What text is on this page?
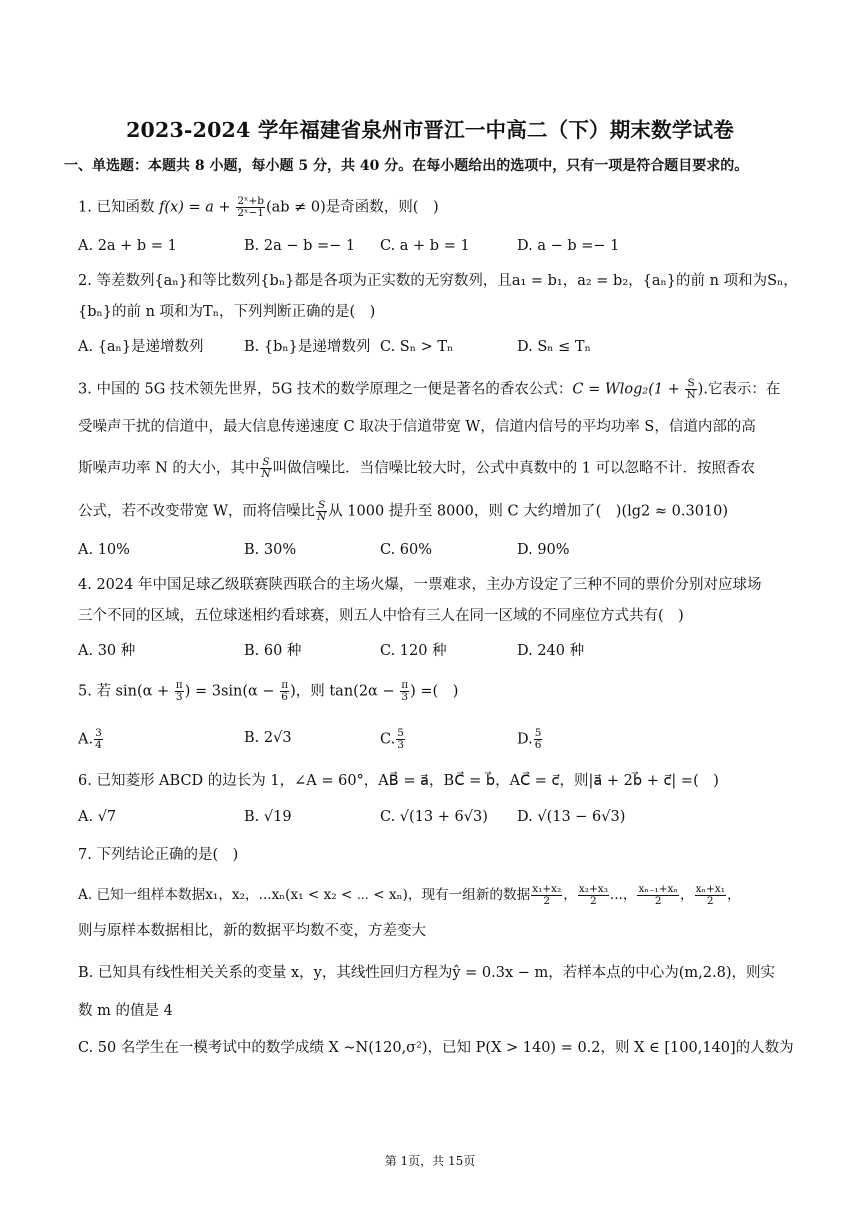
2023-2024 学年福建省泉州市晋江一中高二（下）期末数学试卷
一、单选题：本题共 8 小题，每小题 5 分，共 40 分。在每小题给出的选项中，只有一项是符合题目要求的。
1. 已知函数 $f(x) = a + \frac{\text{2ˣ+b}}{\text{2ˣ−1}} (ab \ne 0)$是奇函数，则(　)
A. 2a + b = 1	B. 2a − b =− 1 C. a + b = 1	D. a − b =− 1
2. 等差数列{aₙ}和等比数列{bₙ}都是各项为正实数的无穷数列，且a₁ = b₁，a₂ = b₂，{aₙ}的前 n 项和为Sₙ，
{bₙ}的前 n 项和为Tₙ，下列判断正确的是(　)
A. {aₙ}是递增数列	B. {bₙ}是递增数列 C. Sₙ > Tₙ	D. Sₙ ≤ Tₙ
3. 中国的 5G 技术领先世界，5G 技术的数学原理之一便是著名的香农公式：$C = Wlog_2(1 + \frac{S}{N}$ ).它表示：在
受噪声干扰的信道中，最大信息传递速度 C 取决于信道带宽 W，信道内信号的平均功率 S，信道内部的高
斯噪声功率 N 的大小，其中 $\frac{S}{N}$ 叫做信噪比．当信噪比较大时，公式中真数中的 1 可以忽略不计．按照香农
公式，若不改变带宽 W，而将信噪比 $\frac{S}{N}$ 从 1000 提升至 8000，则 C 大约增加了(　)(lg2 ≈ 0.3010)
A. 10%	B. 30%	C. 60%	D. 90%
4. 2024 年中国足球乙级联赛陕西联合的主场火爆，一票难求，主办方设定了三种不同的票价分别对应球场
三个不同的区域，五位球迷相约看球赛，则五人中恰有三人在同一区域的不同座位方式共有(　)
A. 30 种	B. 60 种	C. 120 种	D. 240 种
5. 若 $\sin(\alpha + \frac{\pi}{3}$ ) = $3\sin(\alpha - \frac{\pi}{6}$ )，则 $\tan(2\alpha - \frac{\pi}{3}$ ) =(　)
A. $\frac{3}{4}$	B. 2√3	C. $\frac{5}{3}$	D. $\frac{5}{6}$
6. 已知菱形 ABCD 的边长为 1，∠A = 60°，AB⃗ = a⃗，BC⃗ = b⃗，AC⃗ = c⃗，则|a⃗ + 2b⃗ + c⃗| =(　)
A. √7	B. √19	C. √(13 + 6√3) D. √(13 − 6√3)
7. 下列结论正确的是(　)
A. 已知一组样本数据x₁，x₂，...xₙ(x₁ < x₂ < ⋯ < xₙ)，现有一组新的数据 $\frac{\text{x₁+x₂}}{2}$ ， $\frac{\text{x₂+x₃}}{2}$ ...， $\frac{\text{xₙ₋₁+xₙ}}{2}$ ， $\frac{\text{xₙ+x₁}}{2}$ ，
则与原样本数据相比，新的数据平均数不变，方差变大
B. 已知具有线性相关关系的变量 x，y，其线性回归方程为ŷ = 0.3x − m，若样本点的中心为(m,2.8)，则实
数 m 的值是 4
C. 50 名学生在一模考试中的数学成绩 X ∼N(120,σ²)，已知 P(X > 140) = 0.2，则 X ∈ [100,140]的人数为
第 1页，共 15页
